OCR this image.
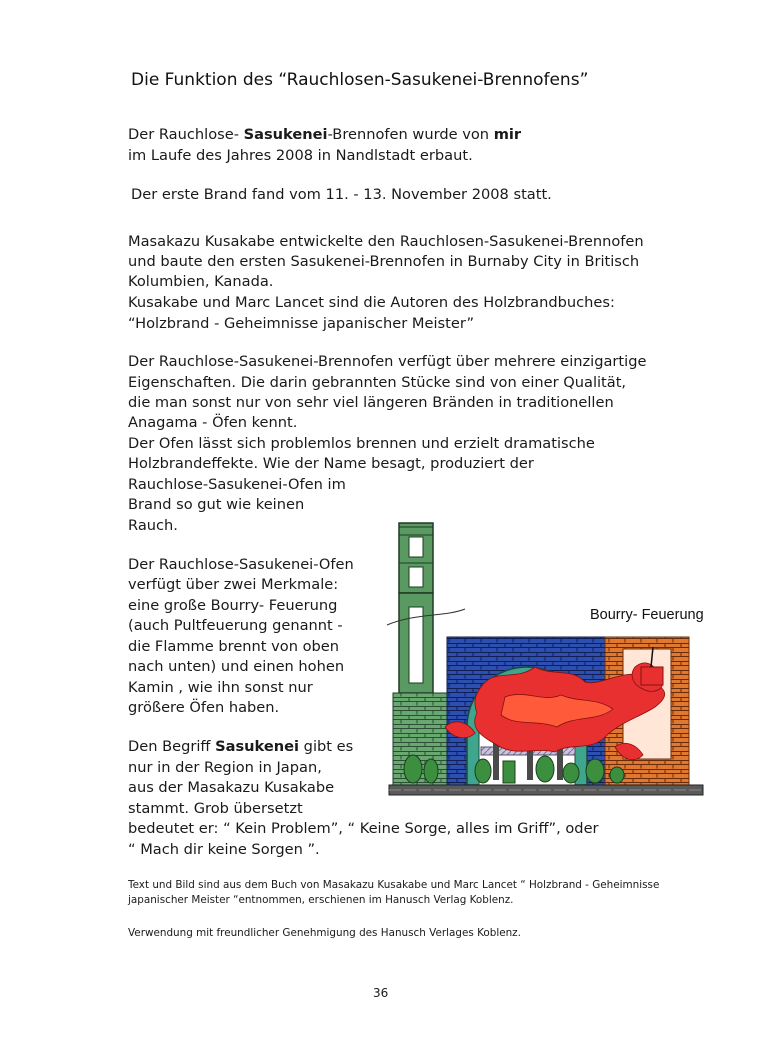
Die Funktion des “Rauchlosen-Sasukenei-Brennofens”

Der Rauchlose- Sasukenei-Brennofen wurde von mir

im Laufe des Jahres 2008 in Nandlstadt erbaut.

Der erste Brand fand vom 11. - 13. November 2008 statt.

Masakazu Kusakabe entwickelte den Rauchlosen-Sasukenei-Brennofen

und baute den ersten Sasukenei-Brennofen in Burnaby City in Britisch

Kolumbien, Kanada.

Kusakabe und Marc Lancet sind die Autoren des Holzbrandbuches:

“Holzbrand - Geheimnisse japanischer Meister”

Der Rauchlose-Sasukenei-Brennofen verfügt über mehrere einzigartige

Eigenschaften. Die darin gebrannten Stücke sind von einer Qualität,

die man sonst nur von sehr viel längeren Bränden in traditionellen

Anagama - Öfen kennt.

Der Ofen lässt sich problemlos brennen und erzielt dramatische

Holzbrandeffekte. Wie der Name besagt, produziert der

Rauchlose-Sasukenei-Ofen im

Brand so gut wie keinen

Rauch.

Der Rauchlose-Sasukenei-Ofen

verfügt über zwei Merkmale:

eine große Bourry- Feuerung

(auch Pultfeuerung genannt -

die Flamme brennt von oben

nach unten) und einen hohen

Kamin , wie ihn sonst nur

größere Öfen haben.

Den Begriff Sasukenei gibt es

nur in der Region in Japan,

aus der Masakazu Kusakabe

stammt. Grob übersetzt

bedeutet er: “ Kein Problem”, “ Keine Sorge, alles im Griff”, oder

“ Mach dir keine Sorgen ”.

Bourry- Feuerung

Text und Bild sind aus dem Buch von Masakazu Kusakabe und Marc Lancet “ Holzbrand - Geheimnisse

japanischer Meister “entnommen, erschienen im Hanusch Verlag Koblenz.

Verwendung mit freundlicher Genehmigung des Hanusch Verlages Koblenz.

36
